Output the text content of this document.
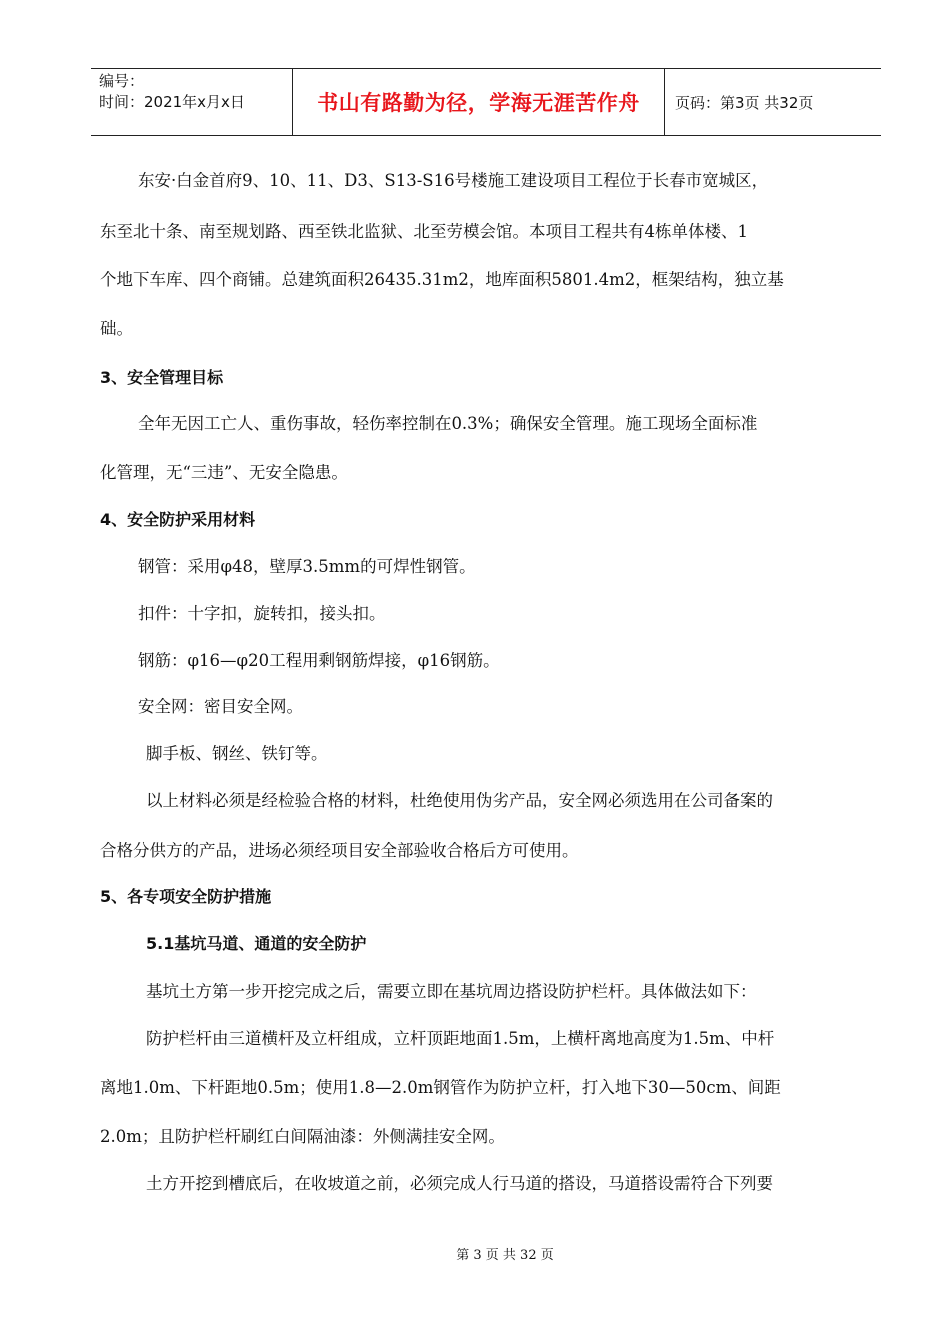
编号：
时间：2021年x月x日	书山有路勤为径，学海无涯苦作舟	页码：第3页 共32页

东安·白金首府9、10、11、D3、S13-S16号楼施工建设项目工程位于长春市宽城区，

东至北十条、南至规划路、西至铁北监狱、北至劳模会馆。本项目工程共有4栋单体楼、1

个地下车库、四个商铺。总建筑面积26435.31m2，地库面积5801.4m2，框架结构，独立基

础。

3、安全管理目标

全年无因工亡人、重伤事故，轻伤率控制在0.3%；确保安全管理。施工现场全面标准

化管理，无“三违”、无安全隐患。

4、安全防护采用材料

钢管：采用φ48，壁厚3.5mm的可焊性钢管。

扣件：十字扣，旋转扣，接头扣。

钢筋：φ16—φ20工程用剩钢筋焊接，φ16钢筋。

安全网：密目安全网。

脚手板、钢丝、铁钉等。

以上材料必须是经检验合格的材料，杜绝使用伪劣产品，安全网必须选用在公司备案的

合格分供方的产品，进场必须经项目安全部验收合格后方可使用。

5、各专项安全防护措施

5.1基坑马道、通道的安全防护

基坑土方第一步开挖完成之后，需要立即在基坑周边搭设防护栏杆。具体做法如下：

防护栏杆由三道横杆及立杆组成，立杆顶距地面1.5m，上横杆离地高度为1.5m、中杆

离地1.0m、下杆距地0.5m；使用1.8—2.0m钢管作为防护立杆，打入地下30—50cm、间距

2.0m；且防护栏杆刷红白间隔油漆：外侧满挂安全网。

土方开挖到槽底后，在收坡道之前，必须完成人行马道的搭设，马道搭设需符合下列要

第 3 页 共 32 页
